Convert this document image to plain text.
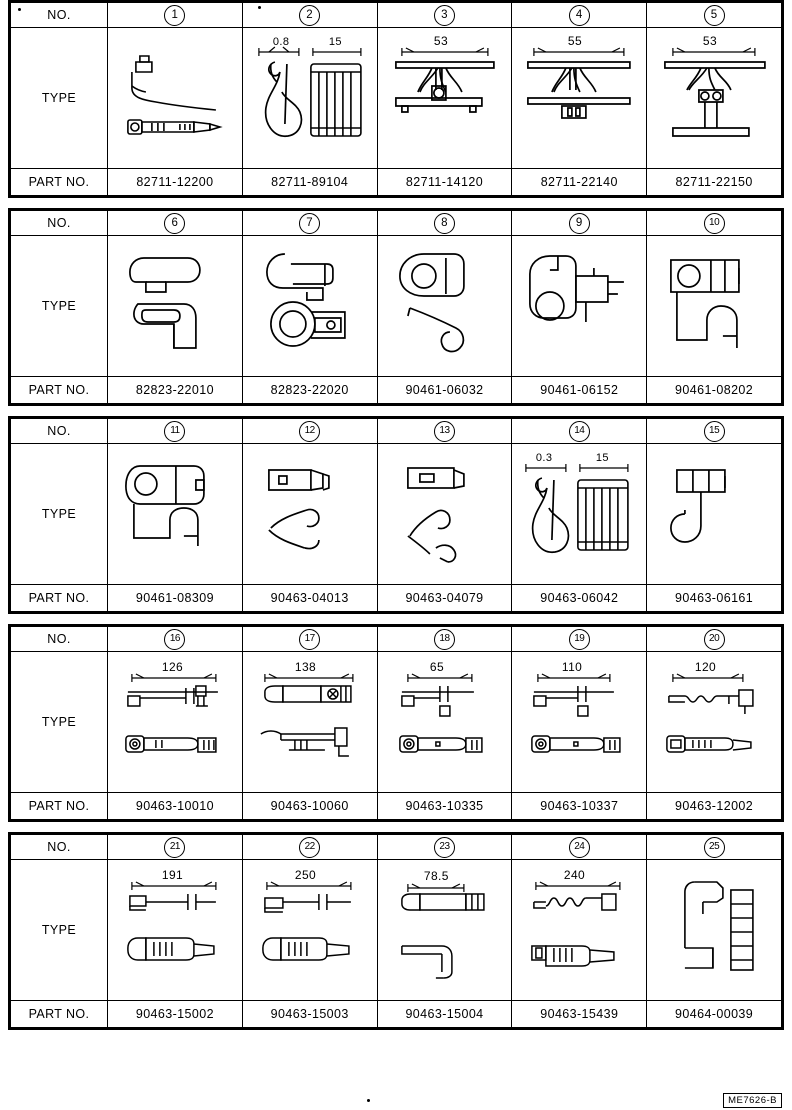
NO.	1	2	3	4	5
TYPE		0.8 15	53	55	53

PART NO.	82711-12200	82711-89104	82711-14120	82711-22140	82711-22150
NO.	6	7	8	9	10
TYPE	

PART NO.	82823-22010	82823-22020	90461-06032	90461-06152	90461-08202
NO.	11	12	13	14	15
TYPE				0.3 15

PART NO.	90461-08309	90463-04013	90463-04079	90463-06042	90463-06161
NO.	16	17	18	19	20
TYPE	126	138	65	110	120

PART NO.	90463-10010	90463-10060	90463-10335	90463-10337	90463-12002
NO.	21	22	23	24	25
TYPE	191	250	78.5	240

PART NO.	90463-15002	90463-15003	90463-15004	90463-15439	90464-00039
ME7626-B
